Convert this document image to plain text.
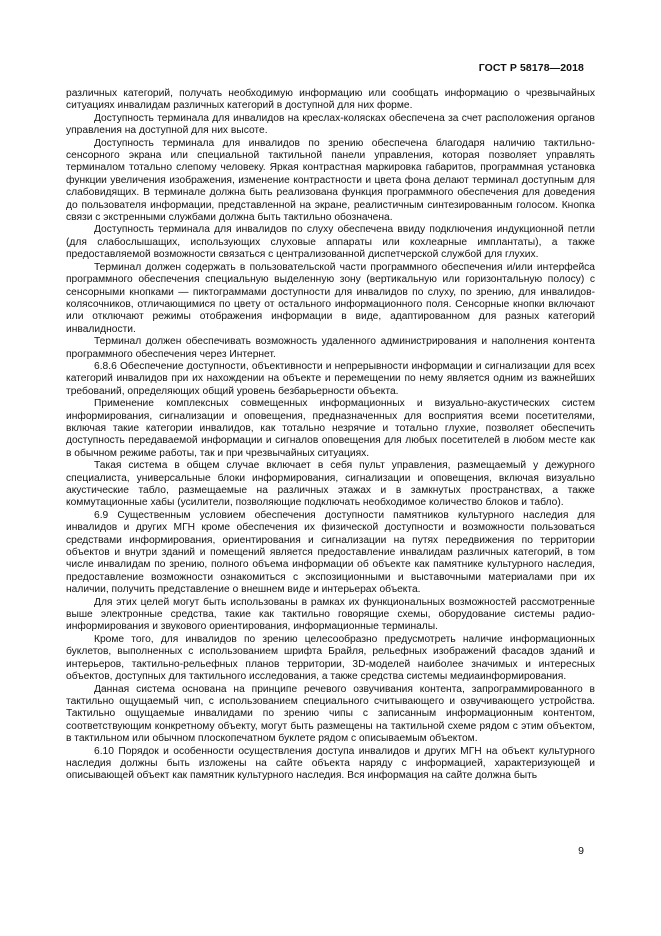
ГОСТ Р 58178—2018

различных категорий, получать необходимую информацию или сообщать информацию о чрезвычайных ситуациях инвалидам различных категорий в доступной для них форме.

Доступность терминала для инвалидов на креслах-колясках обеспечена за счет расположения органов управления на доступной для них высоте.

Доступность терминала для инвалидов по зрению обеспечена благодаря наличию тактильно-сенсорного экрана или специальной тактильной панели управления, которая позволяет управлять терминалом тотально слепому человеку. Яркая контрастная маркировка габаритов, программная установка функции увеличения изображения, изменение контрастности и цвета фона делают терминал доступным для слабовидящих. В терминале должна быть реализована функция программного обеспечения для доведения до пользователя информации, представленной на экране, реалистичным синтезированным голосом. Кнопка связи с экстренными службами должна быть тактильно обозначена.

Доступность терминала для инвалидов по слуху обеспечена ввиду подключения индукционной петли (для слабослышащих, использующих слуховые аппараты или кохлеарные имплантаты), а также предоставляемой возможности связаться с централизованной диспетчерской службой для глухих.

Терминал должен содержать в пользовательской части программного обеспечения и/или интерфейса программного обеспечения специальную выделенную зону (вертикальную или горизонтальную полосу) с сенсорными кнопками — пиктограммами доступности для инвалидов по слуху, по зрению, для инвалидов-колясочников, отличающимися по цвету от остального информационного поля. Сенсорные кнопки включают или отключают режимы отображения информации в виде, адаптированном для разных категорий инвалидности.

Терминал должен обеспечивать возможность удаленного администрирования и наполнения контента программного обеспечения через Интернет.

6.8.6 Обеспечение доступности, объективности и непрерывности информации и сигнализации для всех категорий инвалидов при их нахождении на объекте и перемещении по нему является одним из важнейших требований, определяющих общий уровень безбарьерности объекта.

Применение комплексных совмещенных информационных и визуально-акустических систем информирования, сигнализации и оповещения, предназначенных для восприятия всеми посетителями, включая такие категории инвалидов, как тотально незрячие и тотально глухие, позволяет обеспечить доступность передаваемой информации и сигналов оповещения для любых посетителей в любом месте как в обычном режиме работы, так и при чрезвычайных ситуациях.

Такая система в общем случае включает в себя пульт управления, размещаемый у дежурного специалиста, универсальные блоки информирования, сигнализации и оповещения, включая визуально акустические табло, размещаемые на различных этажах и в замкнутых пространствах, а также коммутационные хабы (усилители, позволяющие подключать необходимое количество блоков и табло).

6.9 Существенным условием обеспечения доступности памятников культурного наследия для инвалидов и других МГН кроме обеспечения их физической доступности и возможности пользоваться средствами информирования, ориентирования и сигнализации на путях передвижения по территории объектов и внутри зданий и помещений является предоставление инвалидам различных категорий, в том числе инвалидам по зрению, полного объема информации об объекте как памятнике культурного наследия, предоставление возможности ознакомиться с экспозиционными и выставочными материалами при их наличии, получить представление о внешнем виде и интерьерах объекта.

Для этих целей могут быть использованы в рамках их функциональных возможностей рассмотренные выше электронные средства, такие как тактильно говорящие схемы, оборудование системы радио-информирования и звукового ориентирования, информационные терминалы.

Кроме того, для инвалидов по зрению целесообразно предусмотреть наличие информационных буклетов, выполненных с использованием шрифта Брайля, рельефных изображений фасадов зданий и интерьеров, тактильно-рельефных планов территории, 3D-моделей наиболее значимых и интересных объектов, доступных для тактильного исследования, а также средства системы медиаинформирования.

Данная система основана на принципе речевого озвучивания контента, запрограммированного в тактильно ощущаемый чип, с использованием специального считывающего и озвучивающего устройства. Тактильно ощущаемые инвалидами по зрению чипы с записанным информационным контентом, соответствующим конкретному объекту, могут быть размещены на тактильной схеме рядом с этим объектом, в тактильном или обычном плоскопечатном буклете рядом с описываемым объектом.

6.10 Порядок и особенности осуществления доступа инвалидов и других МГН на объект культурного наследия должны быть изложены на сайте объекта наряду с информацией, характеризующей и описывающей объект как памятник культурного наследия. Вся информация на сайте должна быть

9
